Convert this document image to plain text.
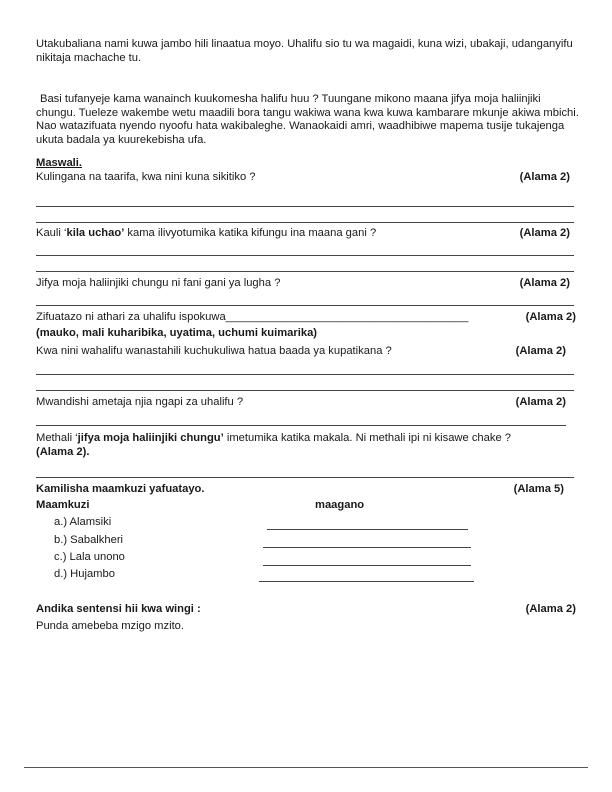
Utakubaliana nami kuwa jambo hili linaatua moyo. Uhalifu sio tu wa magaidi, kuna wizi, ubakaji, udanganyifu nikitaja machache tu.
Basi tufanyeje kama wanainch kuukomesha halifu huu ? Tuungane mikono maana jifya moja haliinjiki chungu. Tueleze wakembe wetu maadili bora tangu wakiwa wana kwa kuwa kambarare mkunje akiwa mbichi. Nao watazifuata nyendo nyoofu hata wakibaleghe. Wanaokaidi amri, waadhibiwe mapema tusije tukajenga ukuta badala ya kuurekebisha ufa.
Maswali.
Kulingana na taarifa, kwa nini kuna sikitiko ?	(Alama 2)
Kauli ‘kila uchao’ kama ilivyotumika katika kifungu ina maana gani ?	(Alama 2)
Jifya moja haliinjiki chungu ni fani gani ya lugha ?	(Alama 2)
Zifuatazo ni athari za uhalifu ispokuwa_______________________________________	(Alama 2)
(mauko, mali kuharibika, uyatima, uchumi kuimarika)
Kwa nini wahalifu wanastahili kuchukuliwa hatua baada ya kupatikana ?	(Alama 2)
Mwandishi ametaja njia ngapi za uhalifu ?	(Alama 2)
Methali ‘jifya moja haliinjiki chungu’ imetumika katika makala. Ni methali ipi ni kisawe chake ?
(Alama 2).
Kamilisha maamkuzi yafuatayo.	(Alama 5)
Maamkuzi	maagano
a.) Alamsiki
b.) Sabalkheri
c.) Lala unono
d.) Hujambo
Andika sentensi hii kwa wingi :	(Alama 2)
Punda amebeba mzigo mzito.
